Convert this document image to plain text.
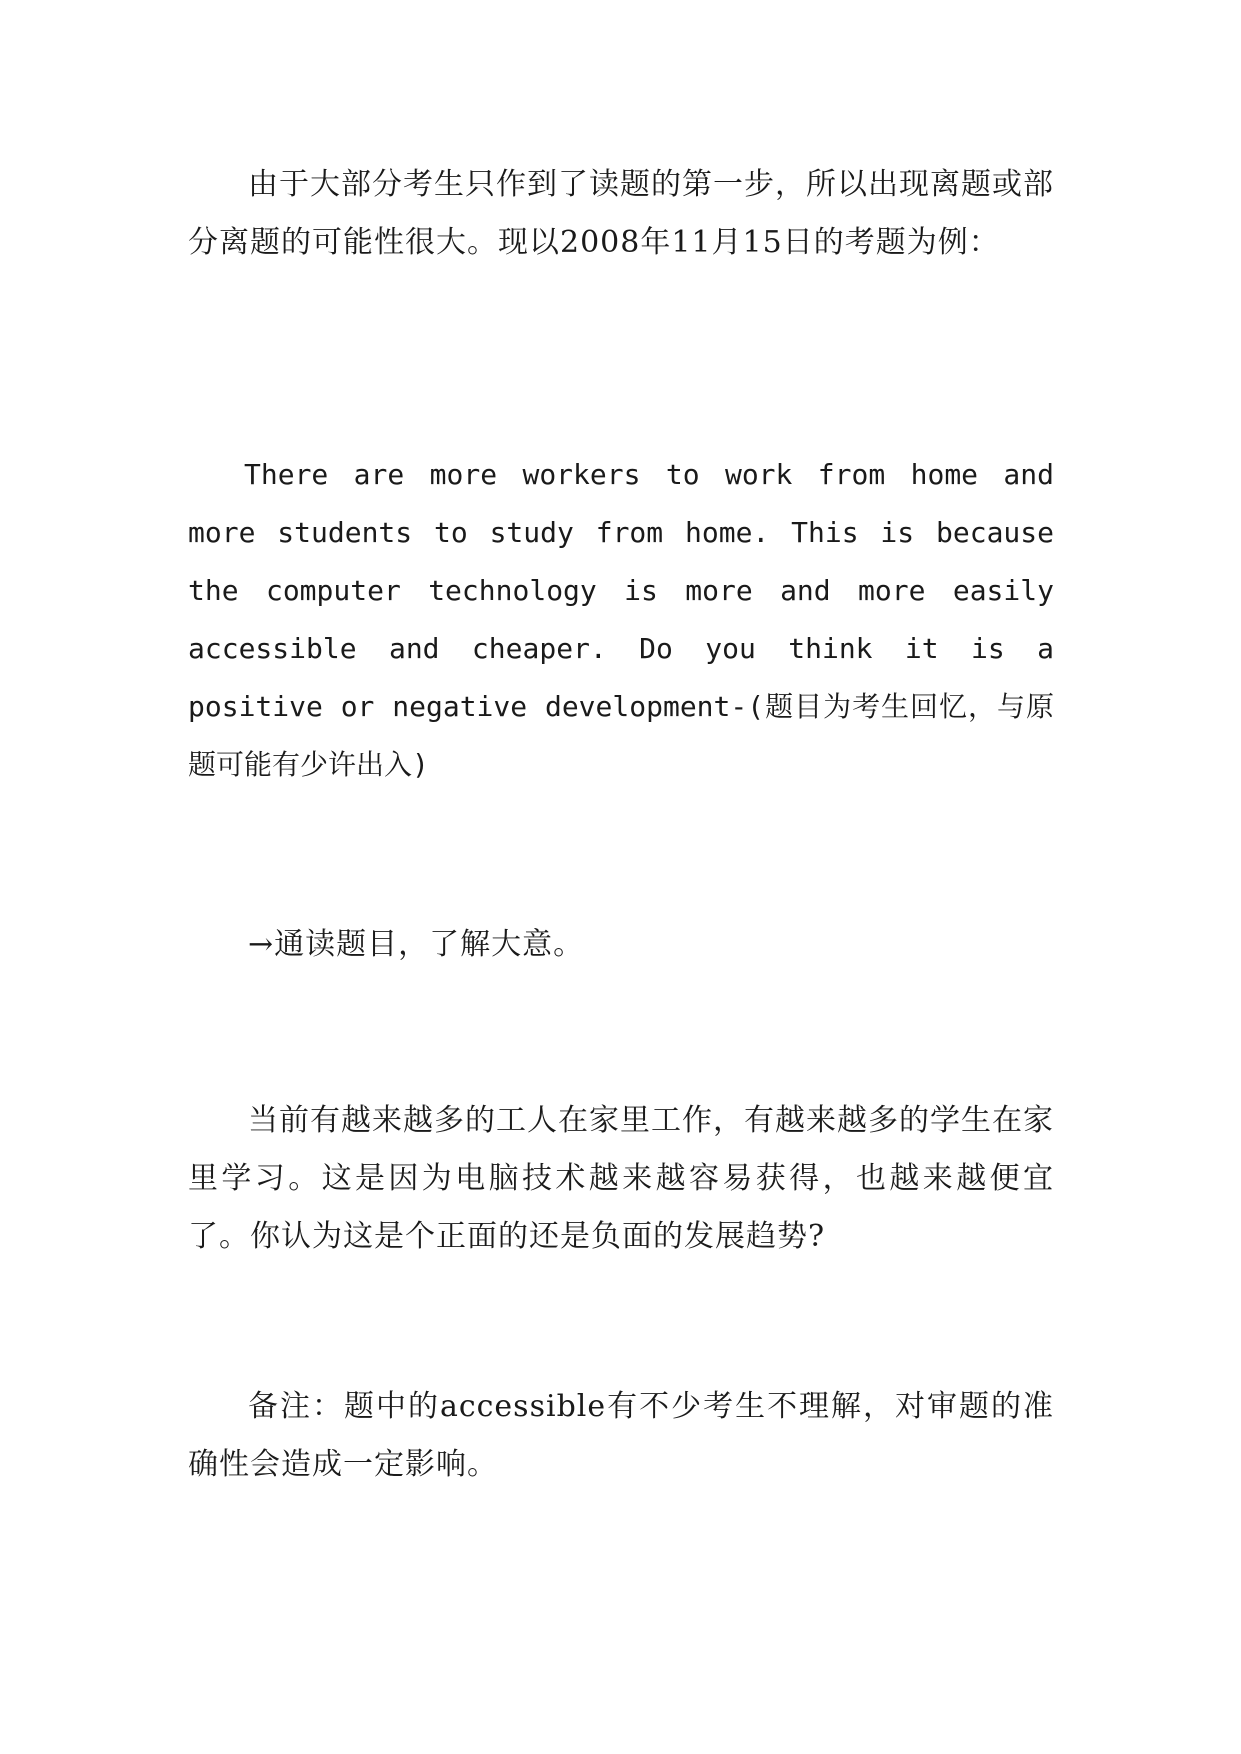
由于大部分考生只作到了读题的第一步，所以出现离题或部分离题的可能性很大。现以2008年11月15日的考题为例：

There are more workers to work from home and more students to study from home. This is because the computer technology is more and more easily accessible and cheaper. Do you think it is a positive or negative development-(题目为考生回忆，与原题可能有少许出入)

→通读题目，了解大意。

当前有越来越多的工人在家里工作，有越来越多的学生在家里学习。这是因为电脑技术越来越容易获得，也越来越便宜了。你认为这是个正面的还是负面的发展趋势?

备注：题中的accessible有不少考生不理解，对审题的准确性会造成一定影响。
